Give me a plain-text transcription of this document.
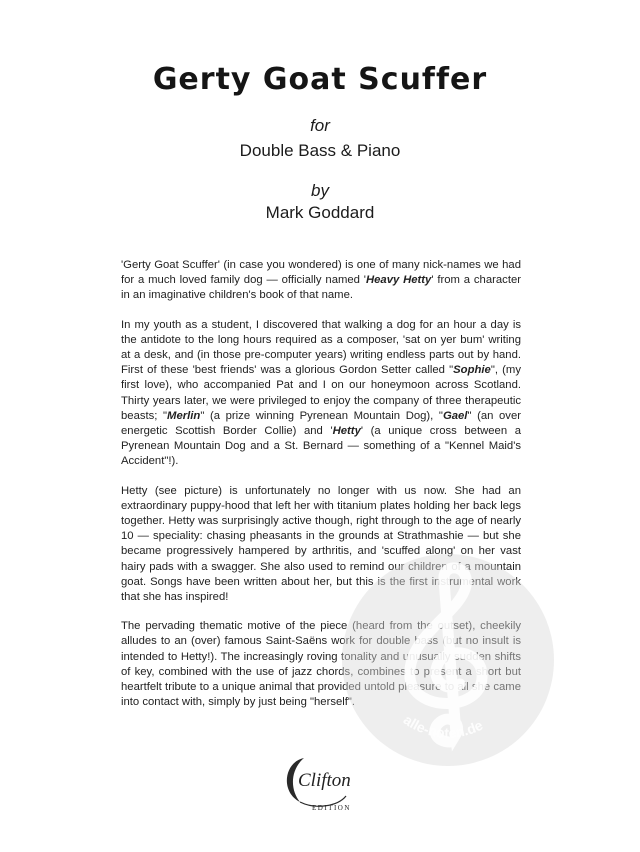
Gerty Goat Scuffer
for
Double Bass & Piano
by
Mark Goddard

'Gerty Goat Scuffer' (in case you wondered) is one of many nick-names we had for a much loved family dog — officially named 'Heavy Hetty' from a character in an imaginative children's book of that name.

In my youth as a student, I discovered that walking a dog for an hour a day is the antidote to the long hours required as a composer, 'sat on yer bum' writing at a desk, and (in those pre-computer years) writing endless parts out by hand. First of these 'best friends' was a glorious Gordon Setter called "Sophie", (my first love), who accompanied Pat and I on our honeymoon across Scotland. Thirty years later, we were privileged to enjoy the company of three therapeutic beasts; "Merlin" (a prize winning Pyrenean Mountain Dog), "Gael" (an over energetic Scottish Border Collie) and 'Hetty' (a unique cross between a Pyrenean Mountain Dog and a St. Bernard — something of a "Kennel Maid's Accident"!).

Hetty (see picture) is unfortunately no longer with us now. She had an extraordinary puppy-hood that left her with titanium plates holding her back legs together. Hetty was surprisingly active though, right through to the age of nearly 10 — speciality: chasing pheasants in the grounds at Strathmashie — but she became progressively hampered by arthritis, and 'scuffed along' on her vast hairy pads with a swagger. She also used to remind our children of a mountain goat. Songs have been written about her, but this is the first instrumental work that she has inspired!

The pervading thematic motive of the piece (heard from the outset), cheekily alludes to an (over) famous Saint-Saëns work for double bass (but no insult is intended to Hetty!). The increasingly roving tonality and unusually sudden shifts of key, combined with the use of jazz chords, combines to present a short but heartfelt tribute to a unique animal that provided untold pleasure to all she came into contact with, simply by just being "herself".

alle-noten.de
Clifton
EDITION
